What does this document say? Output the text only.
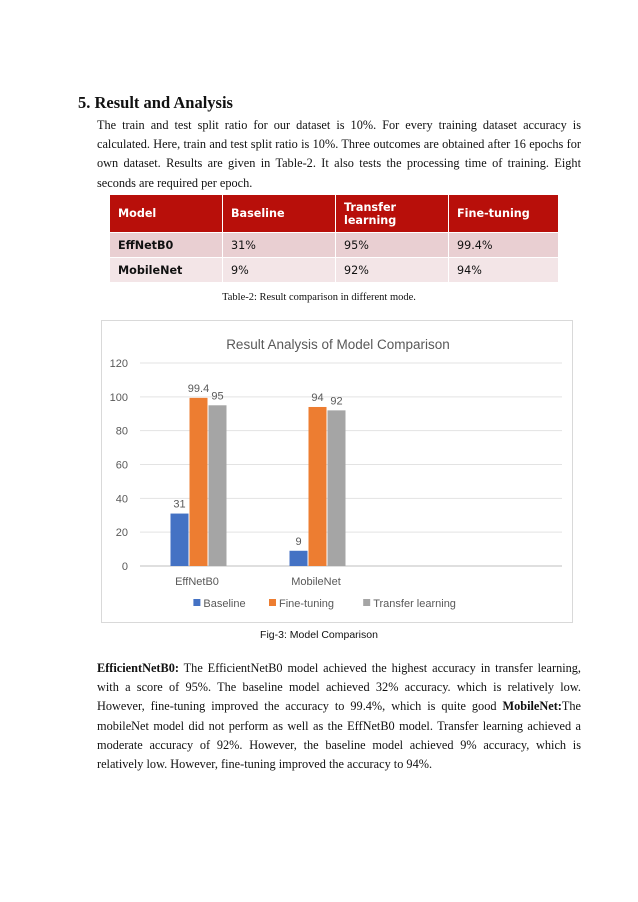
5. Result and Analysis

The train and test split ratio for our dataset is 10%. For every training dataset accuracy is calculated. Here, train and test split ratio is 10%. Three outcomes are obtained after 16 epochs for own dataset. Results are given in Table-2. It also tests the processing time of training. Eight seconds are required per epoch.

Model	Baseline	Transfer learning	Fine-tuning
EffNetB0	31%	95%	99.4%
MobileNet	9%	92%	94%
Table-2: Result comparison in different mode.
Result Analysis of Model Comparison
0
20
40
60
80
100
120
31
99.4
95
EffNetB0
9
94 92
MobileNet
Baseline	Fine-tuning	Transfer learning
Fig-3: Model Comparison

EfficientNetB0: The EfficientNetB0 model achieved the highest accuracy in transfer learning, with a score of 95%. The baseline model achieved 32% accuracy. which is relatively low. However, fine-tuning improved the accuracy to 99.4%, which is quite good MobileNet:The mobileNet model did not perform as well as the EffNetB0 model. Transfer learning achieved a moderate accuracy of 92%. However, the baseline model achieved 9% accuracy, which is relatively low. However, fine-tuning improved the accuracy to 94%.
